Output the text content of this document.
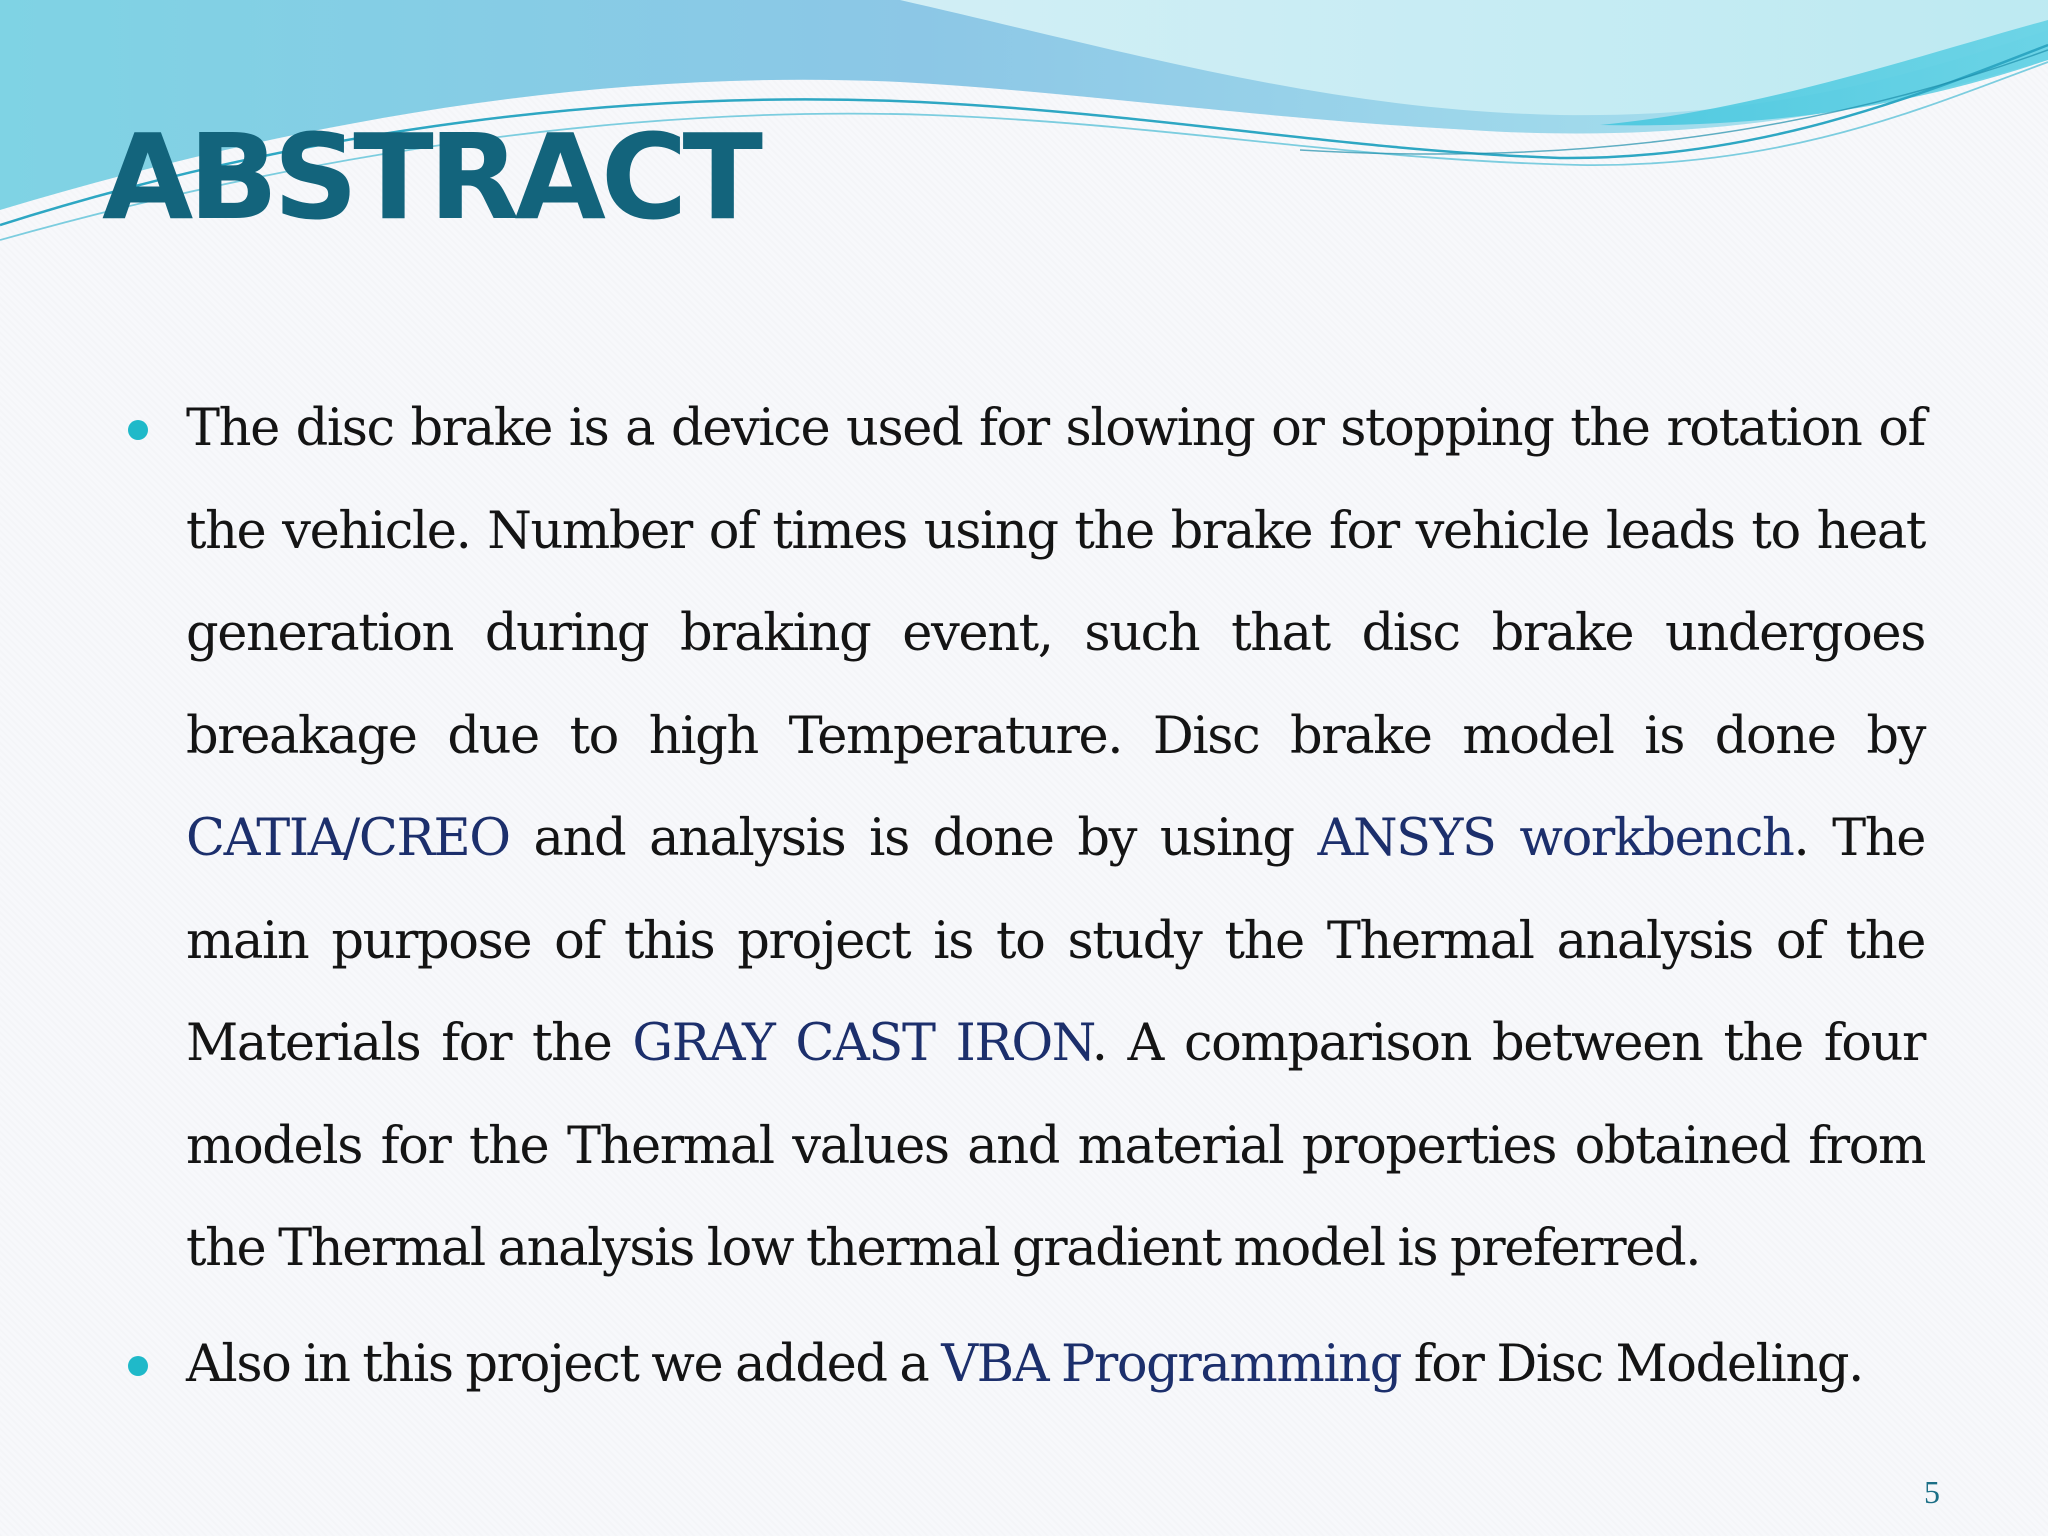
ABSTRACT
The disc brake is a device used for slowing or stopping the rotation of the vehicle. Number of times using the brake for vehicle leads to heat generation during braking event, such that disc brake undergoes breakage due to high Temperature. Disc brake model is done by CATIA/CREO and analysis is done by using ANSYS workbench. The main purpose of this project is to study the Thermal analysis of the Materials for the GRAY CAST IRON. A comparison between the four models for the Thermal values and material properties obtained from the Thermal analysis low thermal gradient model is preferred.
Also in this project we added a VBA Programming for Disc Modeling.
5
